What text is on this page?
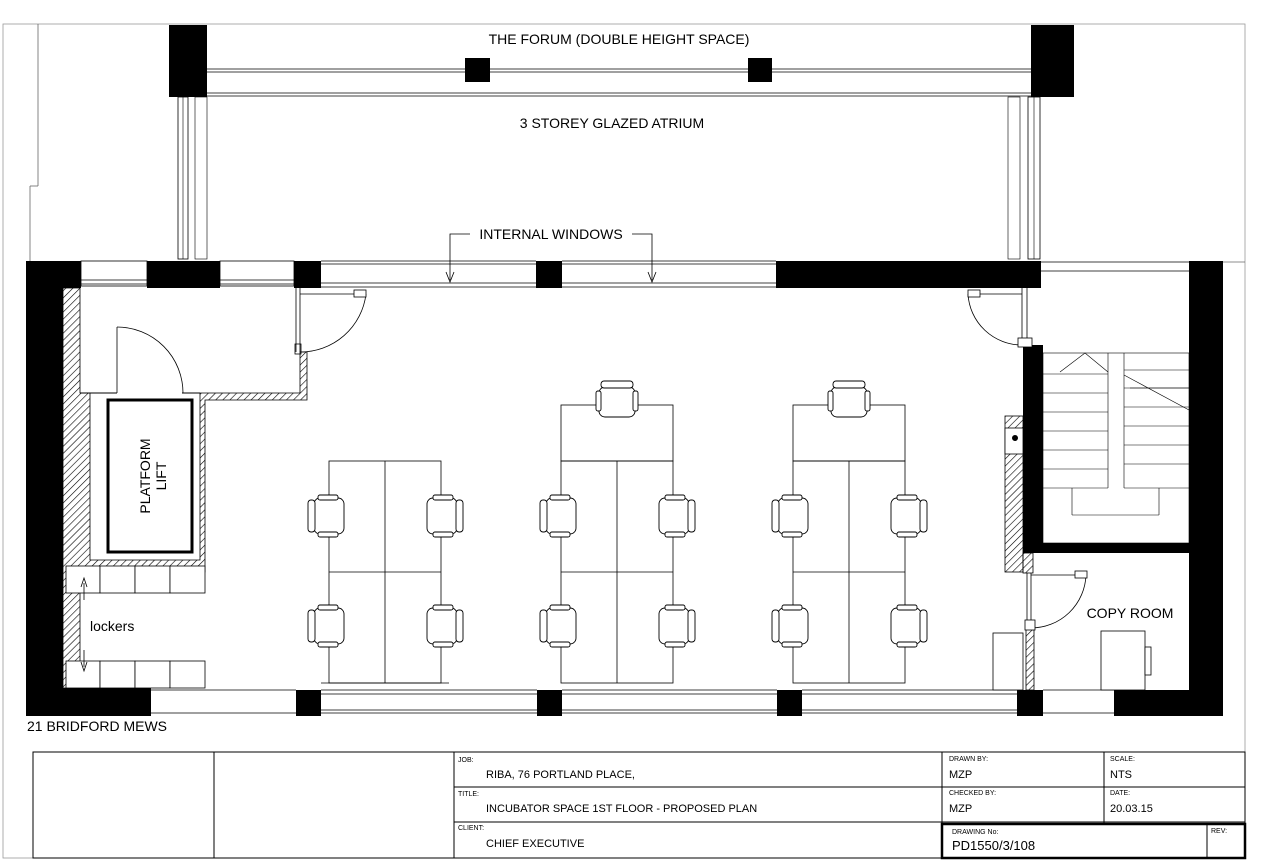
THE FORUM (DOUBLE HEIGHT SPACE)
3 STOREY GLAZED ATRIUM
INTERNAL WINDOWS
PLATFORM LIFT
lockers
COPY ROOM
21 BRIDFORD MEWS
JOB:
RIBA, 76 PORTLAND PLACE,
TITLE:
INCUBATOR SPACE 1ST FLOOR - PROPOSED PLAN
CLIENT:
CHIEF EXECUTIVE
DRAWN BY:
MZP
CHECKED BY:
MZP
DRAWING No:
PD1550/3/108
SCALE:
NTS
DATE:
20.03.15
REV:
